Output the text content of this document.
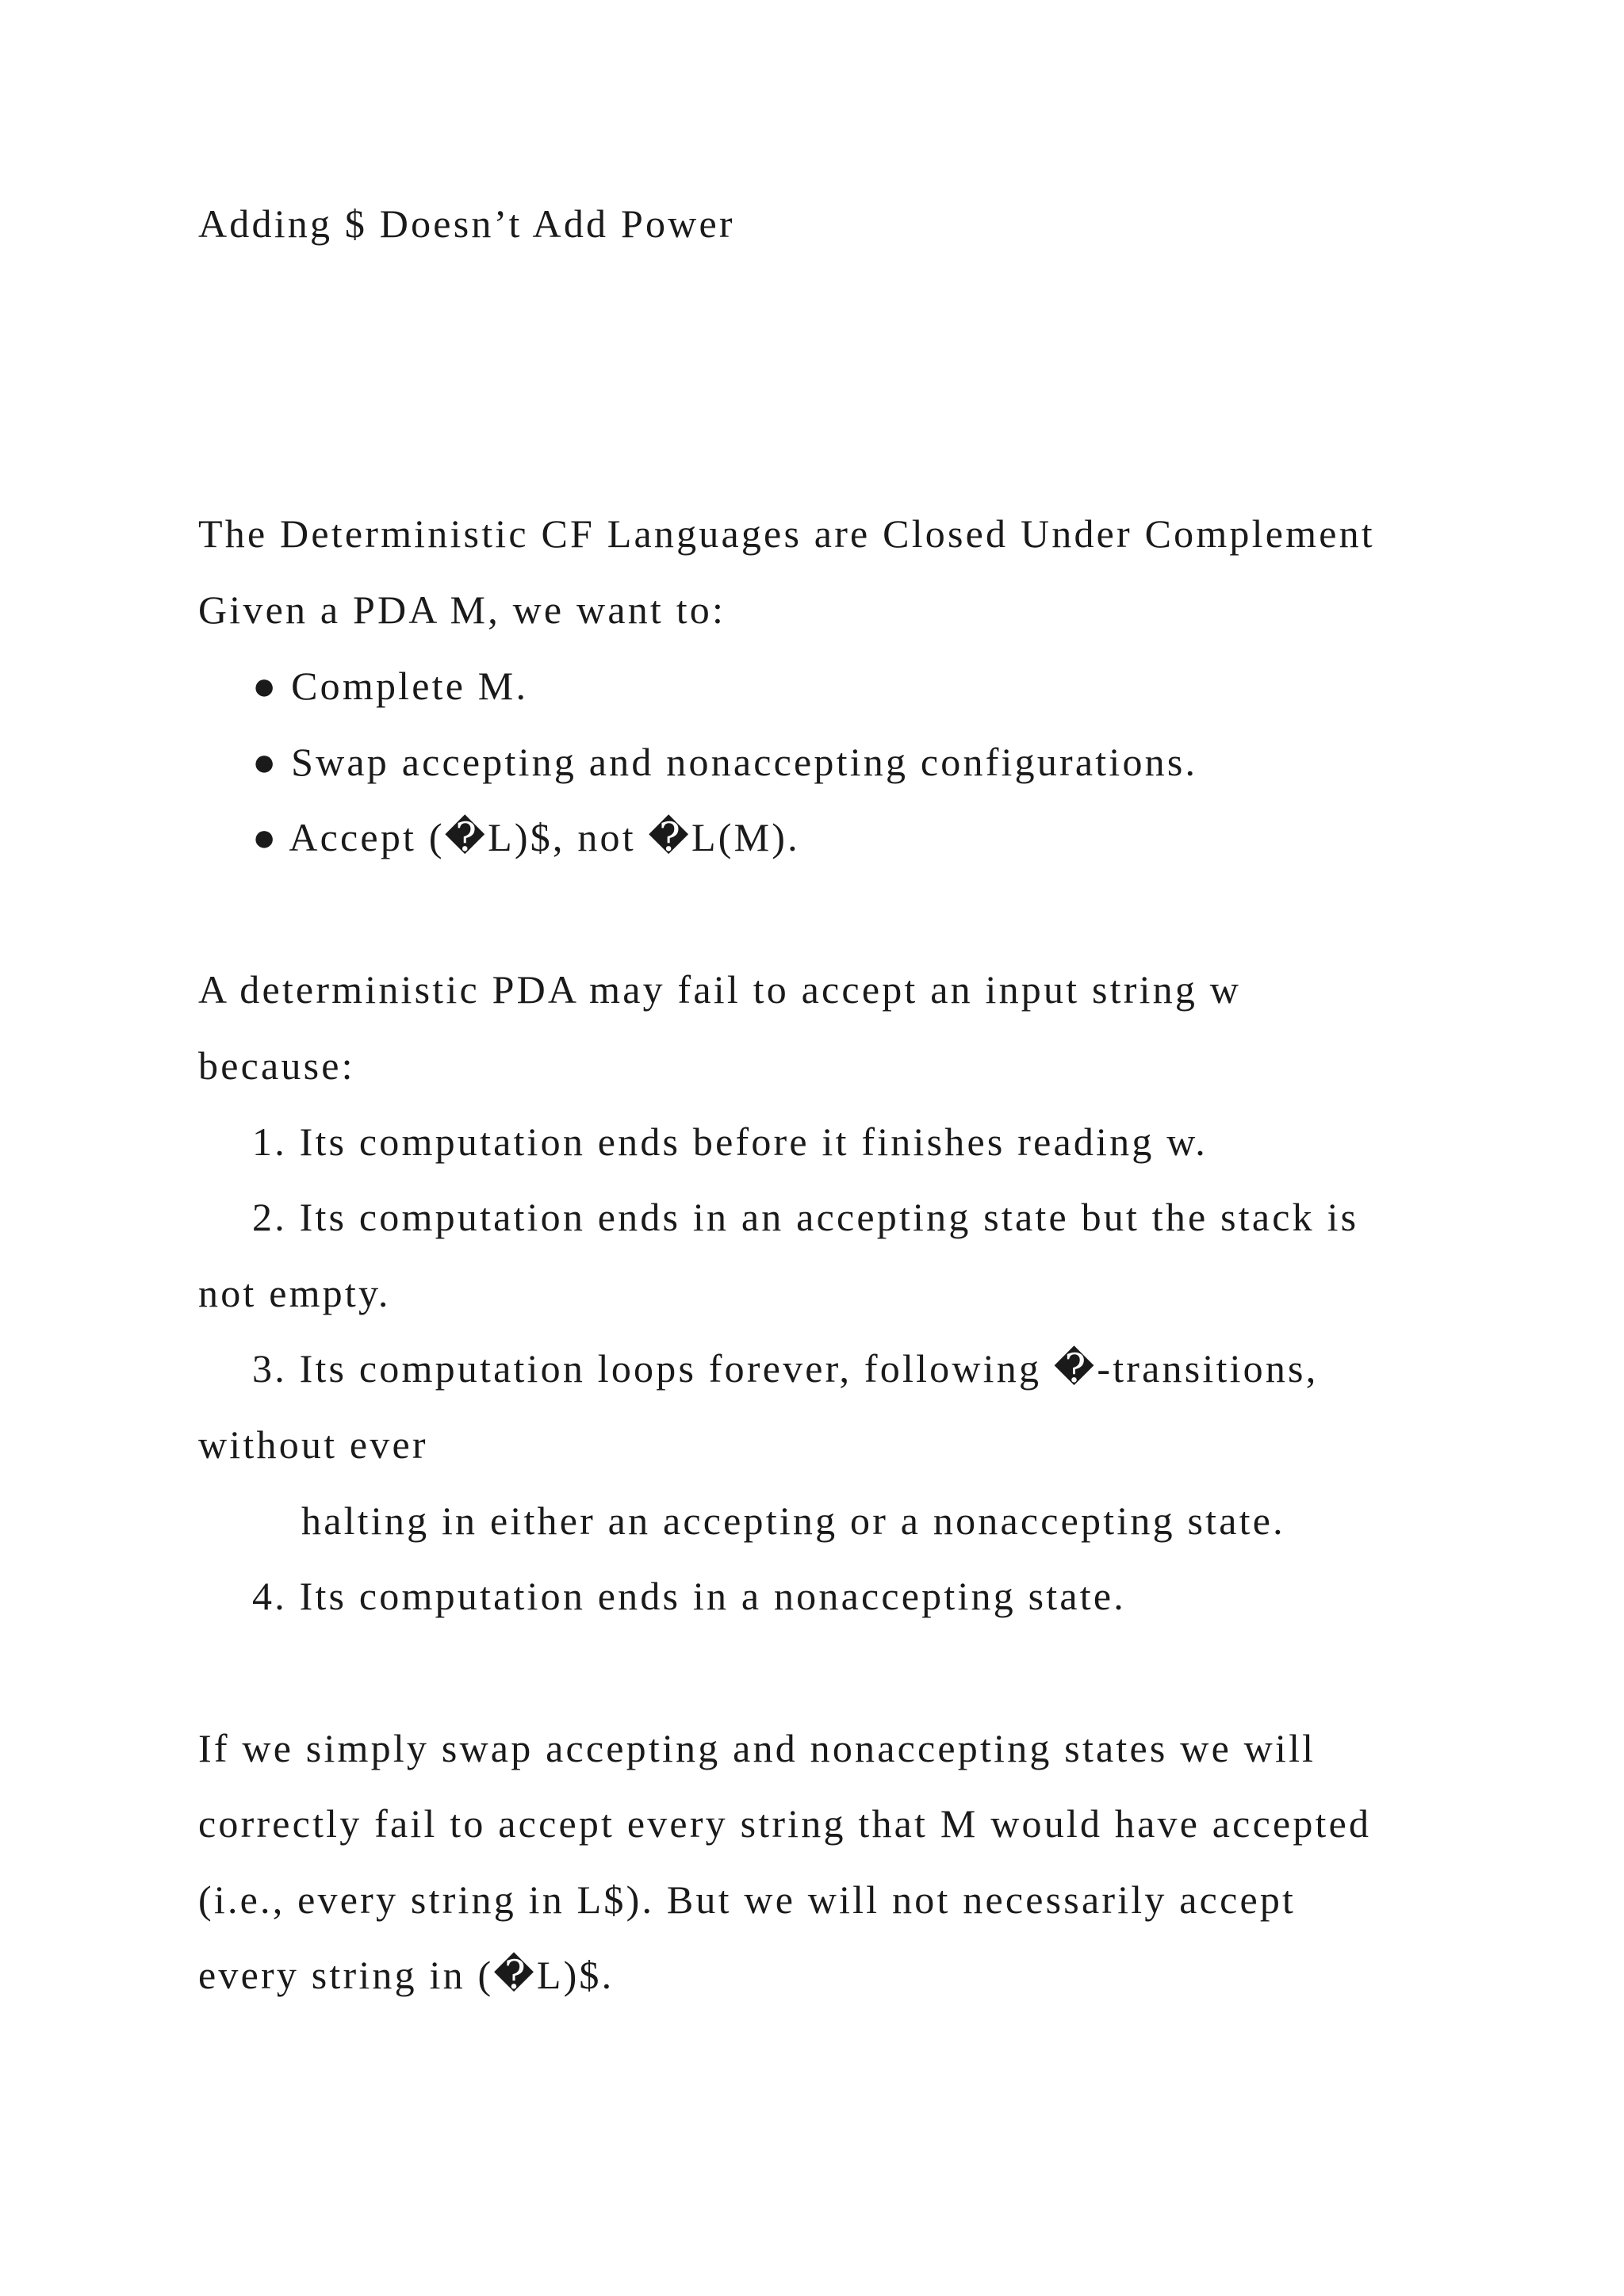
Adding $ Doesn’t Add Power
The Deterministic CF Languages are Closed Under Complement
Given a PDA M, we want to:
● Complete M.
● Swap accepting and nonaccepting configurations.
● Accept (�L)$, not �L(M).
A deterministic PDA may fail to accept an input string w
because:
1. Its computation ends before it finishes reading w.
2. Its computation ends in an accepting state but the stack is
not empty.
3. Its computation loops forever, following �-transitions,
without ever
halting in either an accepting or a nonaccepting state.
4. Its computation ends in a nonaccepting state.
If we simply swap accepting and nonaccepting states we will
correctly fail to accept every string that M would have accepted
(i.e., every string in L$). But we will not necessarily accept
every string in (�L)$.
